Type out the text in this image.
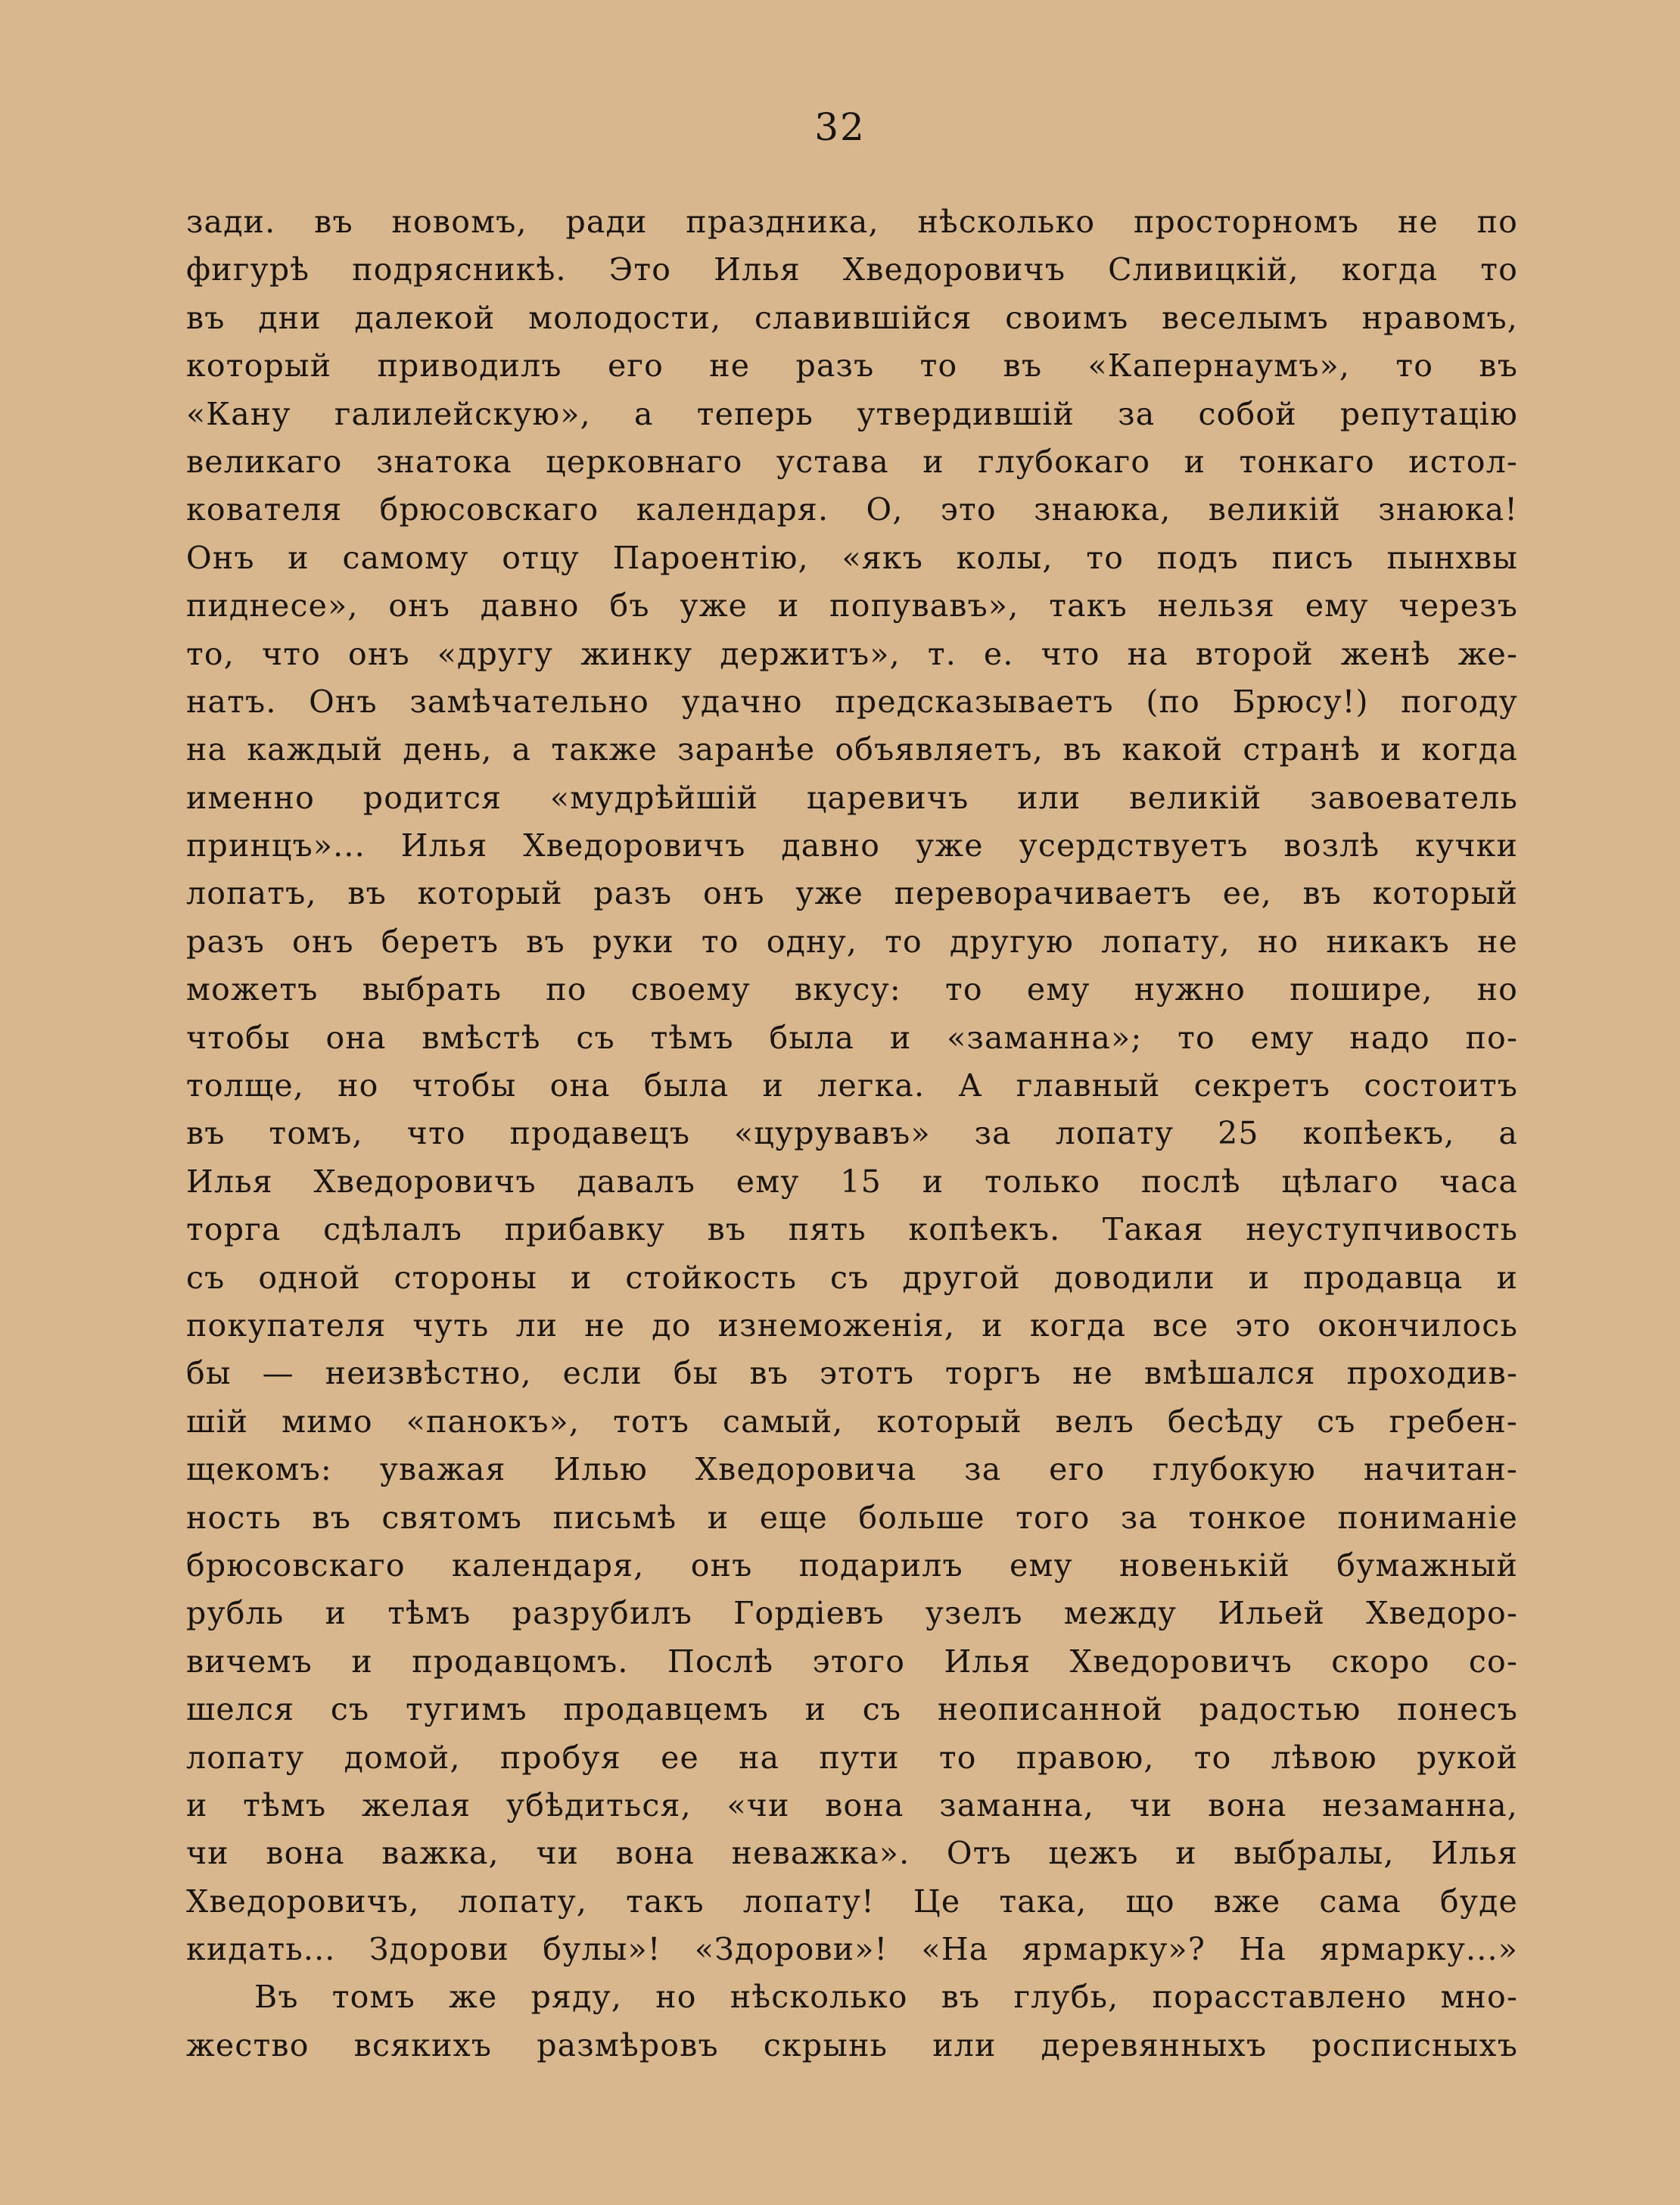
32
зади. въ новомъ, ради праздника, нѣсколько просторномъ не по
фигурѣ подрясникѣ. Это Илья Хведоровичъ Сливицкій, когда то
въ дни далекой молодости, славившійся своимъ веселымъ нравомъ,
который приводилъ его не разъ то въ «Капернаумъ», то въ
«Кану галилейскую», а теперь утвердившій за собой репутацію
великаго знатока церковнаго устава и глубокаго и тонкаго истол-
кователя брюсовскаго календаря. О, это знаюка, великій знаюка!
Онъ и самому отцу Пароентію, «якъ колы, то подъ писъ пынхвы
пиднесе», онъ давно бъ уже и попувавъ», такъ нельзя ему черезъ
то, что онъ «другу жинку держитъ», т. е. что на второй женѣ же-
натъ. Онъ замѣчательно удачно предсказываетъ (по Брюсу!) погоду
на каждый день, а также заранѣе объявляетъ, въ какой странѣ и когда
именно родится «мудрѣйшій царевичъ или великій завоеватель
принцъ»... Илья Хведоровичъ давно уже усердствуетъ возлѣ кучки
лопатъ, въ который разъ онъ уже переворачиваетъ ее, въ который
разъ онъ беретъ въ руки то одну, то другую лопату, но никакъ не
можетъ выбрать по своему вкусу: то ему нужно пошире, но
чтобы она вмѣстѣ съ тѣмъ была и «заманна»; то ему надо по-
толще, но чтобы она была и легка. А главный секретъ состоитъ
въ томъ, что продавецъ «цурувавъ» за лопату 25 копѣекъ, а
Илья Хведоровичъ давалъ ему 15 и только послѣ цѣлаго часа
торга сдѣлалъ прибавку въ пять копѣекъ. Такая неуступчивость
съ одной стороны и стойкость съ другой доводили и продавца и
покупателя чуть ли не до изнеможенія, и когда все это окончилось
бы — неизвѣстно, если бы въ этотъ торгъ не вмѣшался проходив-
шій мимо «панокъ», тотъ самый, который велъ бесѣду съ гребен-
щекомъ: уважая Илью Хведоровича за его глубокую начитан-
ность въ святомъ письмѣ и еще больше того за тонкое пониманіе
брюсовскаго календаря, онъ подарилъ ему новенькій бумажный
рубль и тѣмъ разрубилъ Гордіевъ узелъ между Ильей Хведоро-
вичемъ и продавцомъ. Послѣ этого Илья Хведоровичъ скоро со-
шелся съ тугимъ продавцемъ и съ неописанной радостью понесъ
лопату домой, пробуя ее на пути то правою, то лѣвою рукой
и тѣмъ желая убѣдиться, «чи вона заманна, чи вона незаманна,
чи вона важка, чи вона неважка». Отъ цежъ и выбралы, Илья
Хведоровичъ, лопату, такъ лопату! Це така, що вже сама буде
кидать... Здорови булы»! «Здорови»! «На ярмарку»? На ярмарку...»
Въ томъ же ряду, но нѣсколько въ глубь, порасставлено мно-
жество всякихъ размѣровъ скрынь или деревянныхъ росписныхъ
